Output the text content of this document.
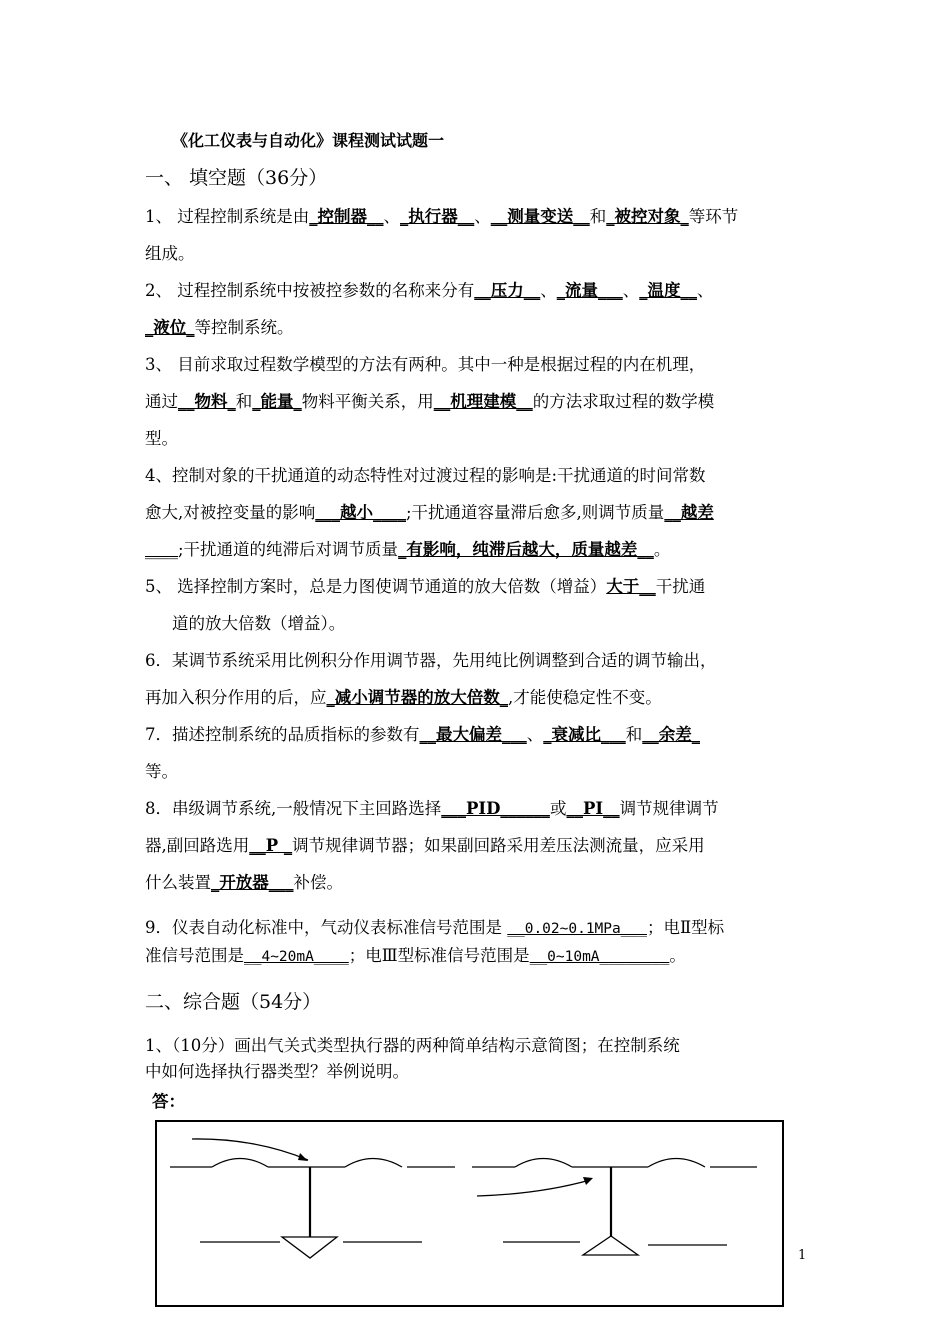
《化工仪表与自动化》课程测试试题一
一、 填空题（36分）
1、 过程控制系统是由_控制器__、_执行器__、__测量变送__和_被控对象_等环节
组成。
2、 过程控制系统中按被控参数的名称来分有__压力__、_流量___、_温度__、
_液位_等控制系统。
3、 目前求取过程数学模型的方法有两种。其中一种是根据过程的内在机理，
通过__物料_和_能量_物料平衡关系，用__机理建模__的方法求取过程的数学模
型。
4、控制对象的干扰通道的动态特性对过渡过程的影响是:干扰通道的时间常数
愈大,对被控变量的影响___越小____;干扰通道容量滞后愈多,则调节质量__越差
____;干扰通道的纯滞后对调节质量_有影响，纯滞后越大，质量越差__。
5、 选择控制方案时，总是力图使调节通道的放大倍数（增益）大于__干扰通
道的放大倍数（增益）。
6．某调节系统采用比例积分作用调节器，先用纯比例调整到合适的调节输出，
再加入积分作用的后，应_减小调节器的放大倍数_,才能使稳定性不变。
7．描述控制系统的品质指标的参数有__最大偏差___、_衰减比___和__余差_
等。
8．串级调节系统,一般情况下主回路选择___PID______或__PI__调节规律调节
器,副回路选用__P _调节规律调节器；如果副回路采用差压法测流量，应采用
什么装置_开放器___补偿。
9．仪表自动化标准中，气动仪表标准信号范围是 __0.02~0.1MPa___；电Ⅱ型标
准信号范围是__4~20mA____；电Ⅲ型标准信号范围是__0~10mA________。
二、综合题（54分）
1、（10分）画出气关式类型执行器的两种简单结构示意简图；在控制系统
中如何选择执行器类型？举例说明。
答：
1
